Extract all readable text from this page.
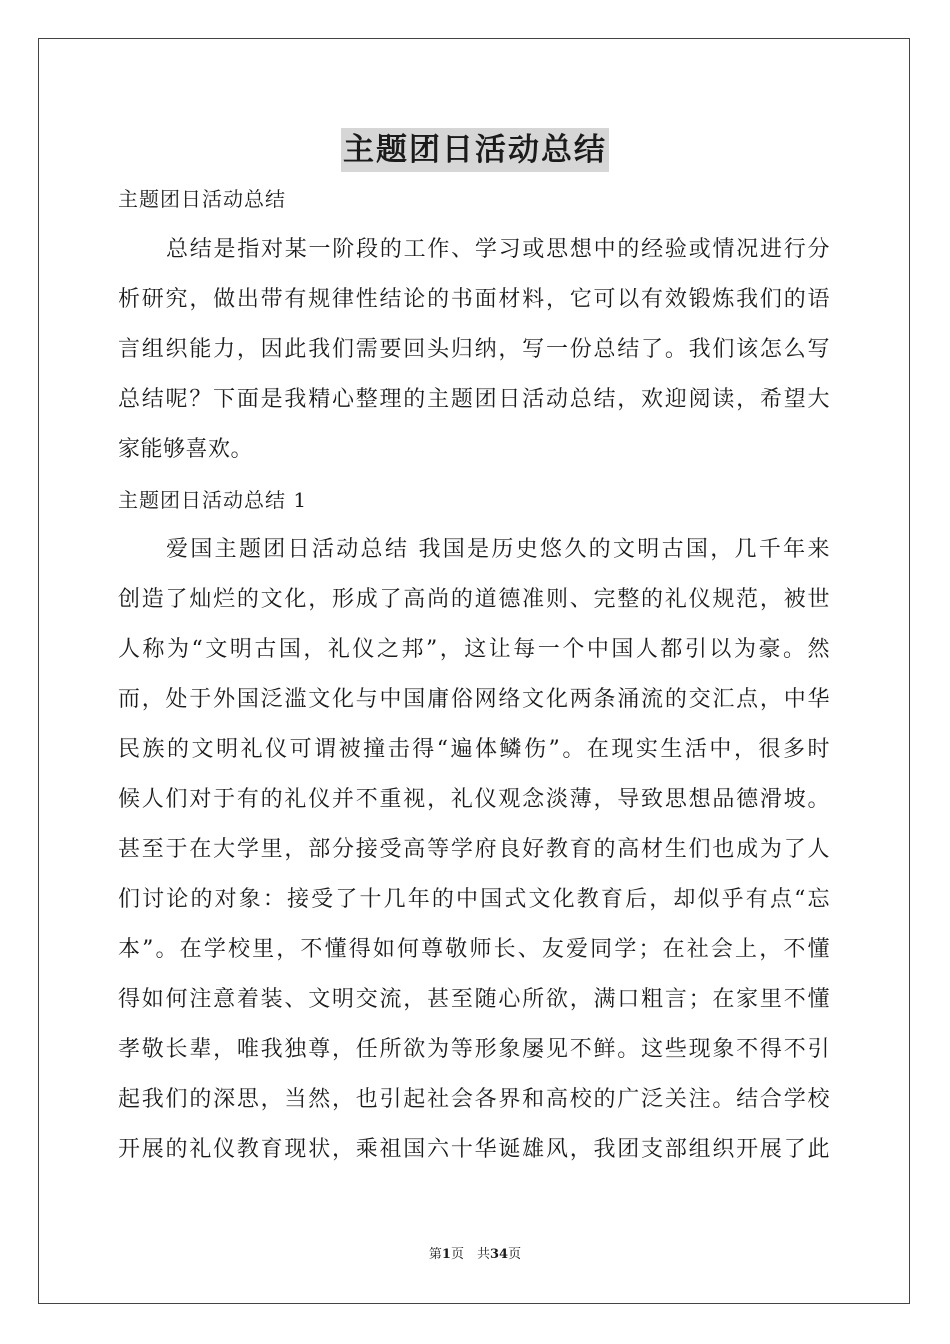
主题团日活动总结
主题团日活动总结
总结是指对某一阶段的工作、学习或思想中的经验或情况进行分
析研究，做出带有规律性结论的书面材料，它可以有效锻炼我们的语
言组织能力，因此我们需要回头归纳，写一份总结了。我们该怎么写
总结呢？下面是我精心整理的主题团日活动总结，欢迎阅读，希望大
家能够喜欢。
主题团日活动总结 1
爱国主题团日活动总结 我国是历史悠久的文明古国，几千年来
创造了灿烂的文化，形成了高尚的道德准则、完整的礼仪规范，被世
人称为“文明古国，礼仪之邦”，这让每一个中国人都引以为豪。然
而，处于外国泛滥文化与中国庸俗网络文化两条涌流的交汇点，中华
民族的文明礼仪可谓被撞击得“遍体鳞伤”。在现实生活中，很多时
候人们对于有的礼仪并不重视，礼仪观念淡薄，导致思想品德滑坡。
甚至于在大学里，部分接受高等学府良好教育的高材生们也成为了人
们讨论的对象：接受了十几年的中国式文化教育后，却似乎有点“忘
本”。在学校里，不懂得如何尊敬师长、友爱同学；在社会上，不懂
得如何注意着装、文明交流，甚至随心所欲，满口粗言；在家里不懂
孝敬长辈，唯我独尊，任所欲为等形象屡见不鲜。这些现象不得不引
起我们的深思，当然，也引起社会各界和高校的广泛关注。结合学校
开展的礼仪教育现状，乘祖国六十华诞雄风，我团支部组织开展了此
第1页　共34页
